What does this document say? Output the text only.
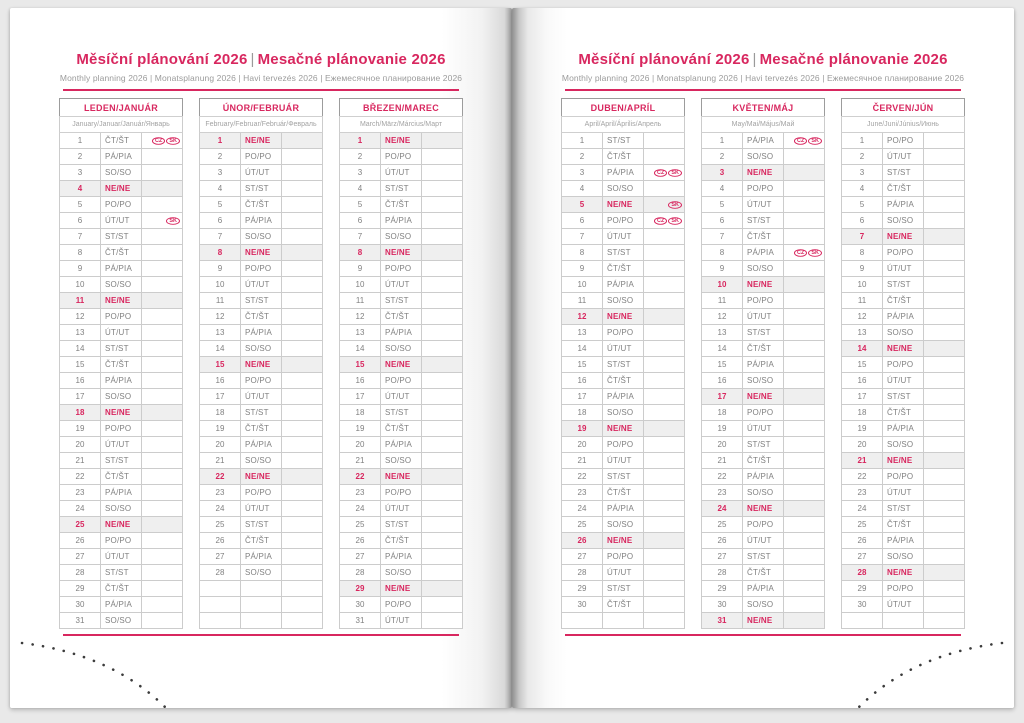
Měsíční plánování 2026 | Mesačné plánovanie 2026
Monthly planning 2026 | Monatsplanung 2026 | Havi tervezés 2026 | Ежемесячное планирование 2026
LEDEN/JANUÁR		
January/Januar/Január/Январь		
1	ČT/ŠT	CZ SK
2	PÁ/PIA	
3	SO/SO	
4	NE/NE	
5	PO/PO	
6	ÚT/UT	SK
7	ST/ST	
8	ČT/ŠT	
9	PÁ/PIA	
10	SO/SO	
11	NE/NE	
12	PO/PO	
13	ÚT/UT	
14	ST/ST	
15	ČT/ŠT	
16	PÁ/PIA	
17	SO/SO	
18	NE/NE	
19	PO/PO	
20	ÚT/UT	
21	ST/ST	
22	ČT/ŠT	
23	PÁ/PIA	
24	SO/SO	
25	NE/NE	
26	PO/PO	
27	ÚT/UT	
28	ST/ST	
29	ČT/ŠT	
30	PÁ/PIA	
31	SO/SO	
ÚNOR/FEBRUÁR		
February/Februar/Február/Февраль		
1	NE/NE	
2	PO/PO	
3	ÚT/UT	
4	ST/ST	
5	ČT/ŠT	
6	PÁ/PIA	
7	SO/SO	
8	NE/NE	
9	PO/PO	
10	ÚT/UT	
11	ST/ST	
12	ČT/ŠT	
13	PÁ/PIA	
14	SO/SO	
15	NE/NE	
16	PO/PO	
17	ÚT/UT	
18	ST/ST	
19	ČT/ŠT	
20	PÁ/PIA	
21	SO/SO	
22	NE/NE	
23	PO/PO	
24	ÚT/UT	
25	ST/ST	
26	ČT/ŠT	
27	PÁ/PIA	
28	SO/SO	

BŘEZEN/MAREC		
March/März/Március/Март		
1	NE/NE	
2	PO/PO	
3	ÚT/UT	
4	ST/ST	
5	ČT/ŠT	
6	PÁ/PIA	
7	SO/SO	
8	NE/NE	
9	PO/PO	
10	ÚT/UT	
11	ST/ST	
12	ČT/ŠT	
13	PÁ/PIA	
14	SO/SO	
15	NE/NE	
16	PO/PO	
17	ÚT/UT	
18	ST/ST	
19	ČT/ŠT	
20	PÁ/PIA	
21	SO/SO	
22	NE/NE	
23	PO/PO	
24	ÚT/UT	
25	ST/ST	
26	ČT/ŠT	
27	PÁ/PIA	
28	SO/SO	
29	NE/NE	
30	PO/PO	
31	ÚT/UT	
Měsíční plánování 2026 | Mesačné plánovanie 2026
Monthly planning 2026 | Monatsplanung 2026 | Havi tervezés 2026 | Ежемесячное планирование 2026
DUBEN/APRÍL		
April/April/Április/Апрель		
1	ST/ST	
2	ČT/ŠT	
3	PÁ/PIA	CZ SK
4	SO/SO	
5	NE/NE	SK
6	PO/PO	CZ SK
7	ÚT/UT	
8	ST/ST	
9	ČT/ŠT	
10	PÁ/PIA	
11	SO/SO	
12	NE/NE	
13	PO/PO	
14	ÚT/UT	
15	ST/ST	
16	ČT/ŠT	
17	PÁ/PIA	
18	SO/SO	
19	NE/NE	
20	PO/PO	
21	ÚT/UT	
22	ST/ST	
23	ČT/ŠT	
24	PÁ/PIA	
25	SO/SO	
26	NE/NE	
27	PO/PO	
28	ÚT/UT	
29	ST/ST	
30	ČT/ŠT	

KVĚTEN/MÁJ		
May/Mai/Május/Май		
1	PÁ/PIA	CZ SK
2	SO/SO	
3	NE/NE	
4	PO/PO	
5	ÚT/UT	
6	ST/ST	
7	ČT/ŠT	
8	PÁ/PIA	CZ SK
9	SO/SO	
10	NE/NE	
11	PO/PO	
12	ÚT/UT	
13	ST/ST	
14	ČT/ŠT	
15	PÁ/PIA	
16	SO/SO	
17	NE/NE	
18	PO/PO	
19	ÚT/UT	
20	ST/ST	
21	ČT/ŠT	
22	PÁ/PIA	
23	SO/SO	
24	NE/NE	
25	PO/PO	
26	ÚT/UT	
27	ST/ST	
28	ČT/ŠT	
29	PÁ/PIA	
30	SO/SO	
31	NE/NE	
ČERVEN/JÚN		
June/Juni/Június/Июнь		
1	PO/PO	
2	ÚT/UT	
3	ST/ST	
4	ČT/ŠT	
5	PÁ/PIA	
6	SO/SO	
7	NE/NE	
8	PO/PO	
9	ÚT/UT	
10	ST/ST	
11	ČT/ŠT	
12	PÁ/PIA	
13	SO/SO	
14	NE/NE	
15	PO/PO	
16	ÚT/UT	
17	ST/ST	
18	ČT/ŠT	
19	PÁ/PIA	
20	SO/SO	
21	NE/NE	
22	PO/PO	
23	ÚT/UT	
24	ST/ST	
25	ČT/ŠT	
26	PÁ/PIA	
27	SO/SO	
28	NE/NE	
29	PO/PO	
30	ÚT/UT	
